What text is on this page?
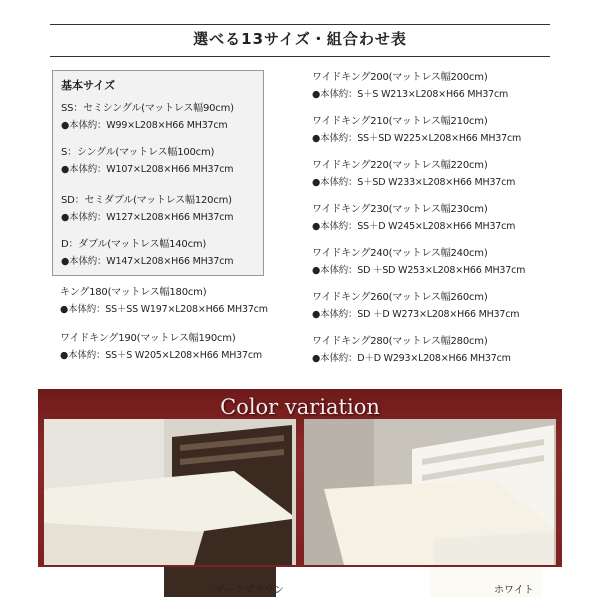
選べる13サイズ・組合わせ表
基本サイズ
SS：セミシングル(マットレス幅90cm)
●本体約：W99×L208×H66 MH37cm
S：シングル(マットレス幅100cm)
●本体約：W107×L208×H66 MH37cm
SD：セミダブル(マットレス幅120cm)
●本体約：W127×L208×H66 MH37cm
D：ダブル(マットレス幅140cm)
●本体約：W147×L208×H66 MH37cm
キング180(マットレス幅180cm)
●本体約：SS＋SS W197×L208×H66 MH37cm
ワイドキング190(マットレス幅190cm)
●本体約：SS＋S W205×L208×H66 MH37cm
ワイドキング200(マットレス幅200cm)
●本体約：S＋S W213×L208×H66 MH37cm
ワイドキング210(マットレス幅210cm)
●本体約：SS＋SD W225×L208×H66 MH37cm
ワイドキング220(マットレス幅220cm)
●本体約：S＋SD W233×L208×H66 MH37cm
ワイドキング230(マットレス幅230cm)
●本体約：SS＋D W245×L208×H66 MH37cm
ワイドキング240(マットレス幅240cm)
●本体約：SD ＋SD W253×L208×H66 MH37cm
ワイドキング260(マットレス幅260cm)
●本体約：SD ＋D W273×L208×H66 MH37cm
ワイドキング280(マットレス幅280cm)
●本体約：D＋D W293×L208×H66 MH37cm
Color variation
ダークブラウン	ホワイト
